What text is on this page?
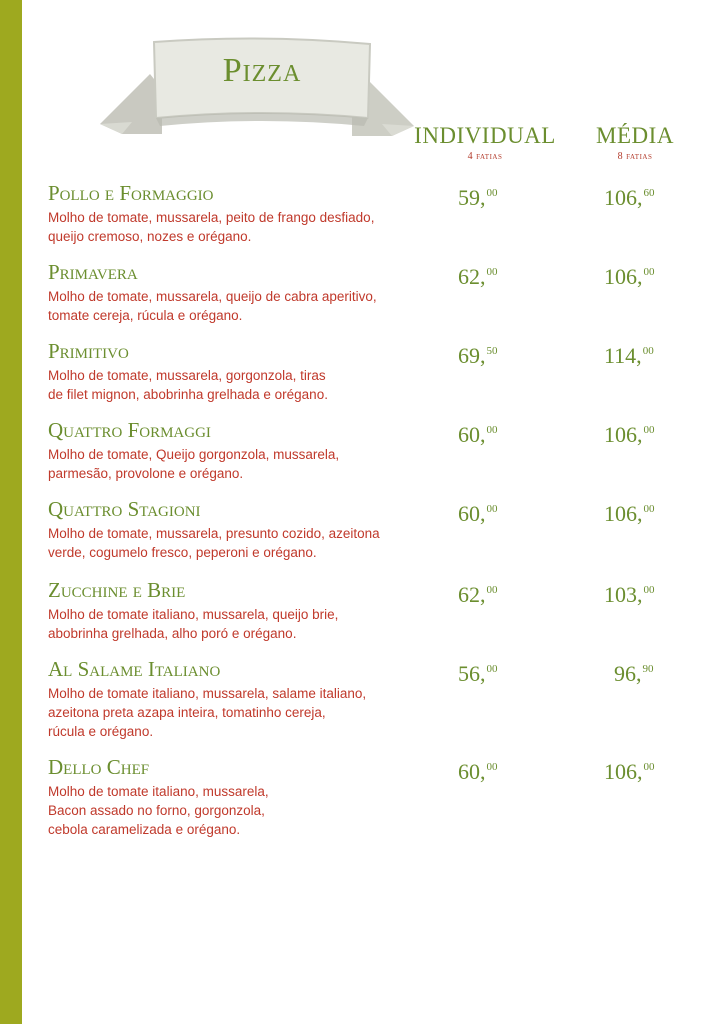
Pizza
INDIVIDUAL
4 fatias
MÉDIA
8 fatias
Pollo e Formaggio
Molho de tomate, mussarela, peito de frango desfiado,
queijo cremoso, nozes e orégano.
59,00	106,60
Primavera
Molho de tomate, mussarela, queijo de cabra aperitivo,
tomate cereja, rúcula e orégano.
62,00	106,00
Primitivo
Molho de tomate, mussarela, gorgonzola, tiras
de filet mignon, abobrinha grelhada e orégano.
69,50	114,00
Quattro Formaggi
Molho de tomate, Queijo gorgonzola, mussarela,
parmesão, provolone e orégano.
60,00	106,00
Quattro Stagioni
Molho de tomate, mussarela, presunto cozido, azeitona
verde, cogumelo fresco, peperoni e orégano.
60,00	106,00
Zucchine e Brie
Molho de tomate italiano, mussarela, queijo brie,
abobrinha grelhada, alho poró e orégano.
62,00	103,00
Al Salame Italiano
Molho de tomate italiano, mussarela, salame italiano,
azeitona preta azapa inteira, tomatinho cereja,
rúcula e orégano.
56,00	96,90
Dello Chef
Molho de tomate italiano, mussarela,
Bacon assado no forno, gorgonzola,
cebola caramelizada e orégano.
60,00	106,00
